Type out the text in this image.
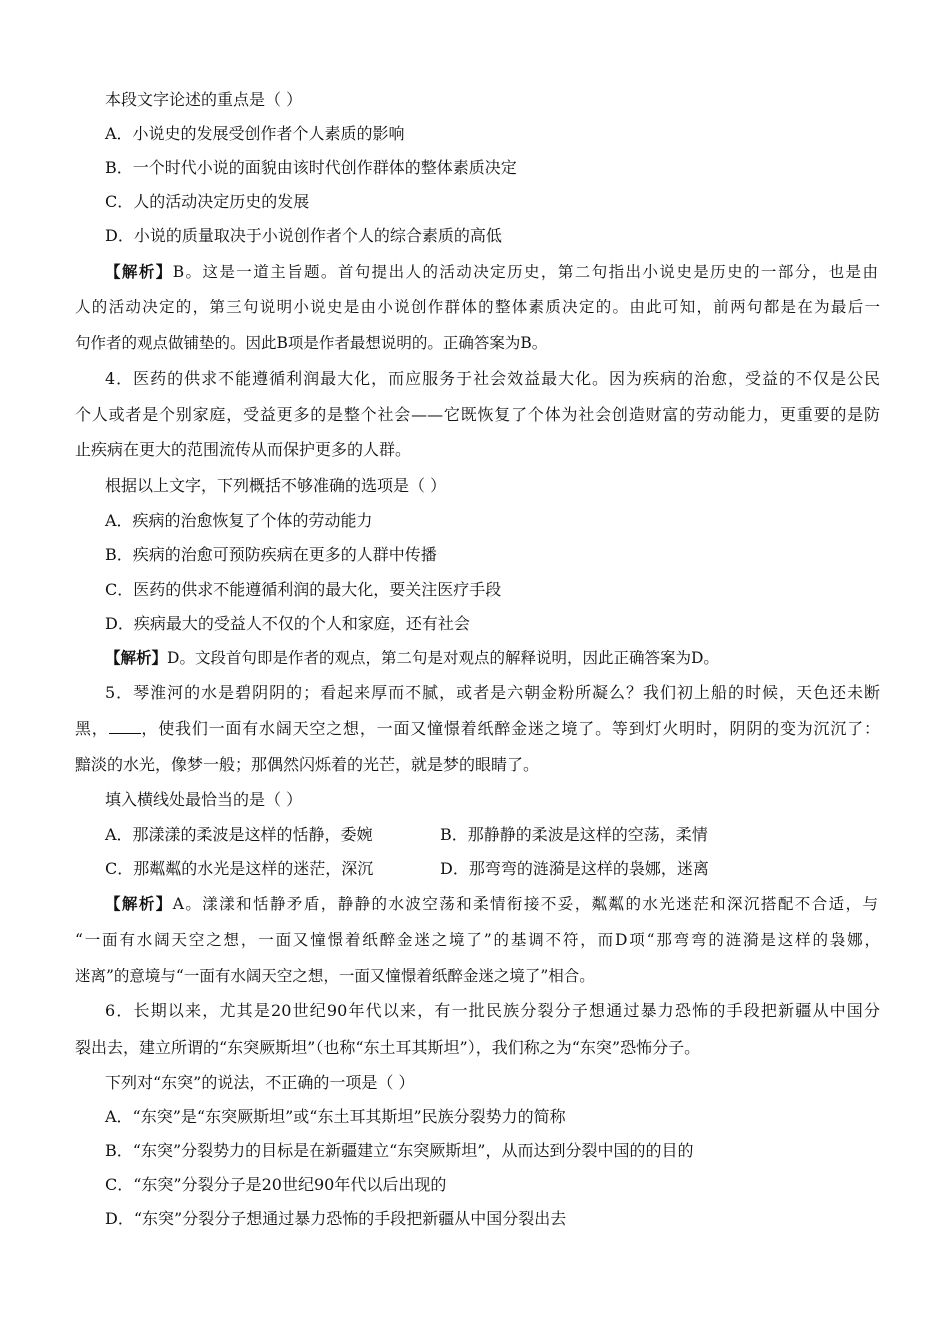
本段文字论述的重点是（ ）
A．小说史的发展受创作者个人素质的影响
B．一个时代小说的面貌由该时代创作群体的整体素质决定
C．人的活动决定历史的发展
D．小说的质量取决于小说创作者个人的综合素质的高低
【解析】B。这是一道主旨题。首句提出人的活动决定历史，第二句指出小说史是历史的一部分，也是由
人的活动决定的，第三句说明小说史是由小说创作群体的整体素质决定的。由此可知，前两句都是在为最后一
句作者的观点做铺垫的。因此B项是作者最想说明的。正确答案为B。
4．医药的供求不能遵循利润最大化，而应服务于社会效益最大化。因为疾病的治愈，受益的不仅是公民
个人或者是个别家庭，受益更多的是整个社会——它既恢复了个体为社会创造财富的劳动能力，更重要的是防
止疾病在更大的范围流传从而保护更多的人群。
根据以上文字，下列概括不够准确的选项是（ ）
A．疾病的治愈恢复了个体的劳动能力
B．疾病的治愈可预防疾病在更多的人群中传播
C．医药的供求不能遵循利润的最大化，要关注医疗手段
D．疾病最大的受益人不仅的个人和家庭，还有社会
【解析】D。文段首句即是作者的观点，第二句是对观点的解释说明，因此正确答案为D。
5．琴淮河的水是碧阴阴的；看起来厚而不腻，或者是六朝金粉所凝么？我们初上船的时候，天色还未断
黑， ，使我们一面有水阔天空之想，一面又憧憬着纸醉金迷之境了。等到灯火明时，阴阴的变为沉沉了：
黯淡的水光，像梦一般；那偶然闪烁着的光芒，就是梦的眼睛了。
填入横线处最恰当的是（ ）
A．那漾漾的柔波是这样的恬静，委婉	B．那静静的柔波是这样的空荡，柔情
C．那粼粼的水光是这样的迷茫，深沉	D．那弯弯的涟漪是这样的袅娜，迷离
【解析】A。漾漾和恬静矛盾，静静的水波空荡和柔情衔接不妥，粼粼的水光迷茫和深沉搭配不合适，与
“一面有水阔天空之想，一面又憧憬着纸醉金迷之境了”的基调不符，而D项“那弯弯的涟漪是这样的袅娜，
迷离”的意境与“一面有水阔天空之想，一面又憧憬着纸醉金迷之境了”相合。
6．长期以来，尤其是20世纪90年代以来，有一批民族分裂分子想通过暴力恐怖的手段把新疆从中国分
裂出去，建立所谓的“东突厥斯坦”（也称“东土耳其斯坦”），我们称之为“东突”恐怖分子。
下列对“东突”的说法，不正确的一项是（ ）
A．“东突”是“东突厥斯坦”或“东土耳其斯坦”民族分裂势力的简称
B．“东突”分裂势力的目标是在新疆建立“东突厥斯坦”，从而达到分裂中国的的目的
C．“东突”分裂分子是20世纪90年代以后出现的
D．“东突”分裂分子想通过暴力恐怖的手段把新疆从中国分裂出去
